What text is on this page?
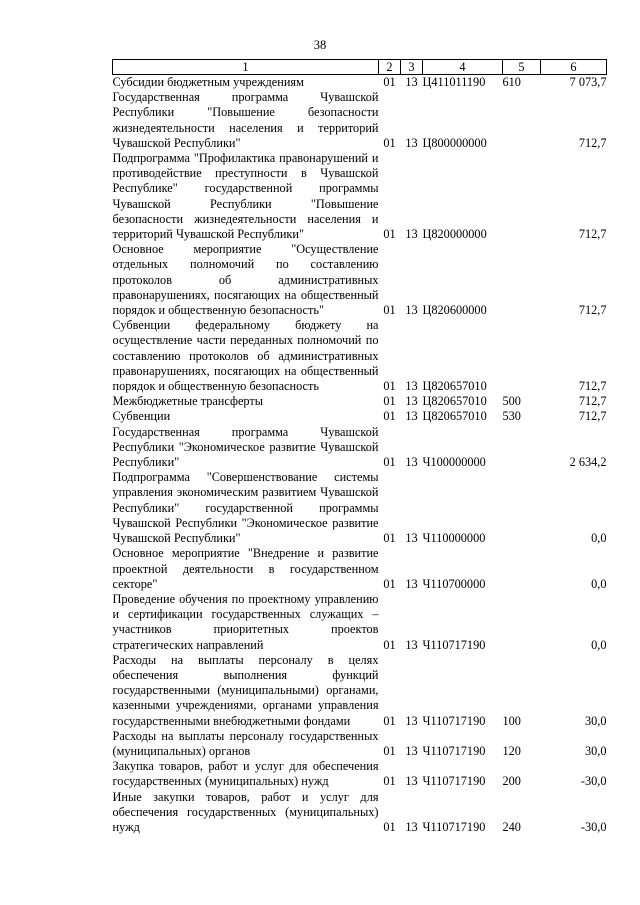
38
1	2	3	4	5	6
Субсидии бюджетным учреждениям	01	13	Ц411011190	610	7 073,7
Государственная программа Чувашской Республики "Повышение безопасности жизнедеятельности населения и территорий Чувашской Республики"	01	13	Ц800000000		712,7
Подпрограмма "Профилактика правонарушений и противодействие преступности в Чувашской Республике" государственной программы Чувашской Республики "Повышение безопасности жизнедеятельности населения и территорий Чувашской Республики"	01	13	Ц820000000		712,7
Основное мероприятие "Осуществление отдельных полномочий по составлению протоколов об административных правонарушениях, посягающих на общественный порядок и общественную безопасность"	01	13	Ц820600000		712,7
Субвенции федеральному бюджету на осуществление части переданных полномочий по составлению протоколов об административных правонарушениях, посягающих на общественный порядок и общественную безопасность	01	13	Ц820657010		712,7
Межбюджетные трансферты	01	13	Ц820657010	500	712,7
Субвенции	01	13	Ц820657010	530	712,7
Государственная программа Чувашской Республики "Экономическое развитие Чувашской Республики"	01	13	Ч100000000		2 634,2
Подпрограмма "Совершенствование системы управления экономическим развитием Чувашской Республики" государственной программы Чувашской Республики "Экономическое развитие Чувашской Республики"	01	13	Ч110000000		0,0
Основное мероприятие "Внедрение и развитие проектной деятельности в государственном секторе"	01	13	Ч110700000		0,0
Проведение обучения по проектному управлению и сертификации государственных служащих – участников приоритетных проектов стратегических направлений	01	13	Ч110717190		0,0
Расходы на выплаты персоналу в целях обеспечения выполнения функций государственными (муниципальными) органами, казенными учреждениями, органами управления государственными внебюджетными фондами	01	13	Ч110717190	100	30,0
Расходы на выплаты персоналу государственных (муниципальных) органов	01	13	Ч110717190	120	30,0
Закупка товаров, работ и услуг для обеспечения государственных (муниципальных) нужд	01	13	Ч110717190	200	-30,0
Иные закупки товаров, работ и услуг для обеспечения государственных (муниципальных) нужд	01	13	Ч110717190	240	-30,0
